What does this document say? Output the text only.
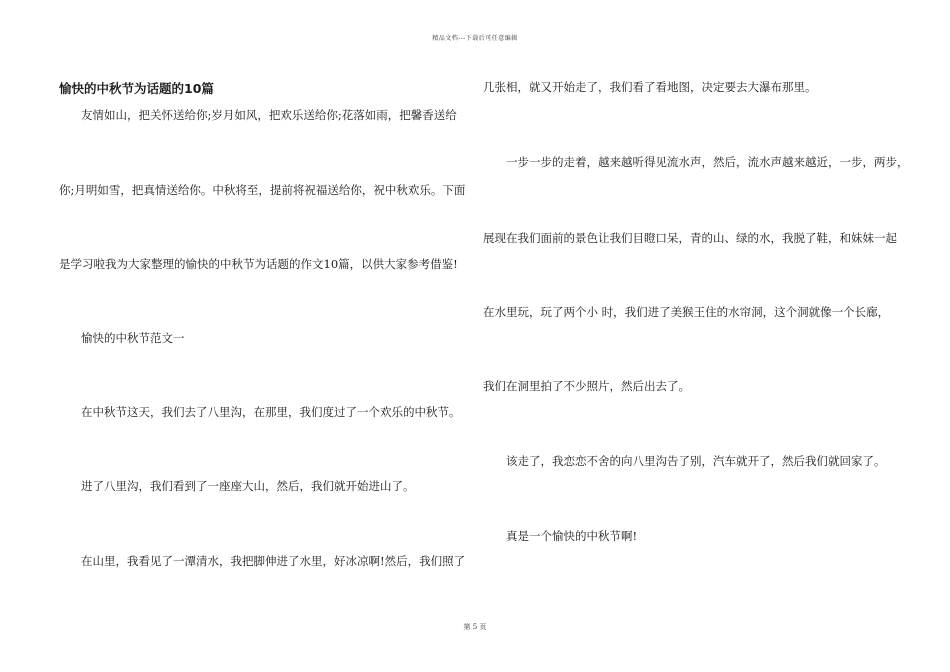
精品文档---下载后可任意编辑
愉快的中秋节为话题的10篇
友情如山，把关怀送给你;岁月如风，把欢乐送给你;花落如雨，把馨香送给
你;月明如雪，把真情送给你。中秋将至，提前将祝福送给你，祝中秋欢乐。下面
是学习啦我为大家整理的愉快的中秋节为话题的作文10篇，以供大家参考借鉴!
愉快的中秋节范文一
在中秋节这天，我们去了八里沟，在那里，我们度过了一个欢乐的中秋节。
进了八里沟，我们看到了一座座大山，然后，我们就开始进山了。
在山里，我看见了一潭清水，我把脚伸进了水里，好冰凉啊!然后，我们照了
几张相，就又开始走了，我们看了看地图，决定要去大瀑布那里。
一步一步的走着，越来越听得见流水声，然后，流水声越来越近，一步，两步，
展现在我们面前的景色让我们目瞪口呆，青的山、绿的水，我脱了鞋，和妹妹一起
在水里玩，玩了两个小 时，我们进了美猴王住的水帘洞，这个洞就像一个长廊，
我们在洞里拍了不少照片，然后出去了。
该走了，我恋恋不舍的向八里沟告了别，汽车就开了，然后我们就回家了。
真是一个愉快的中秋节啊!
第 5 页
